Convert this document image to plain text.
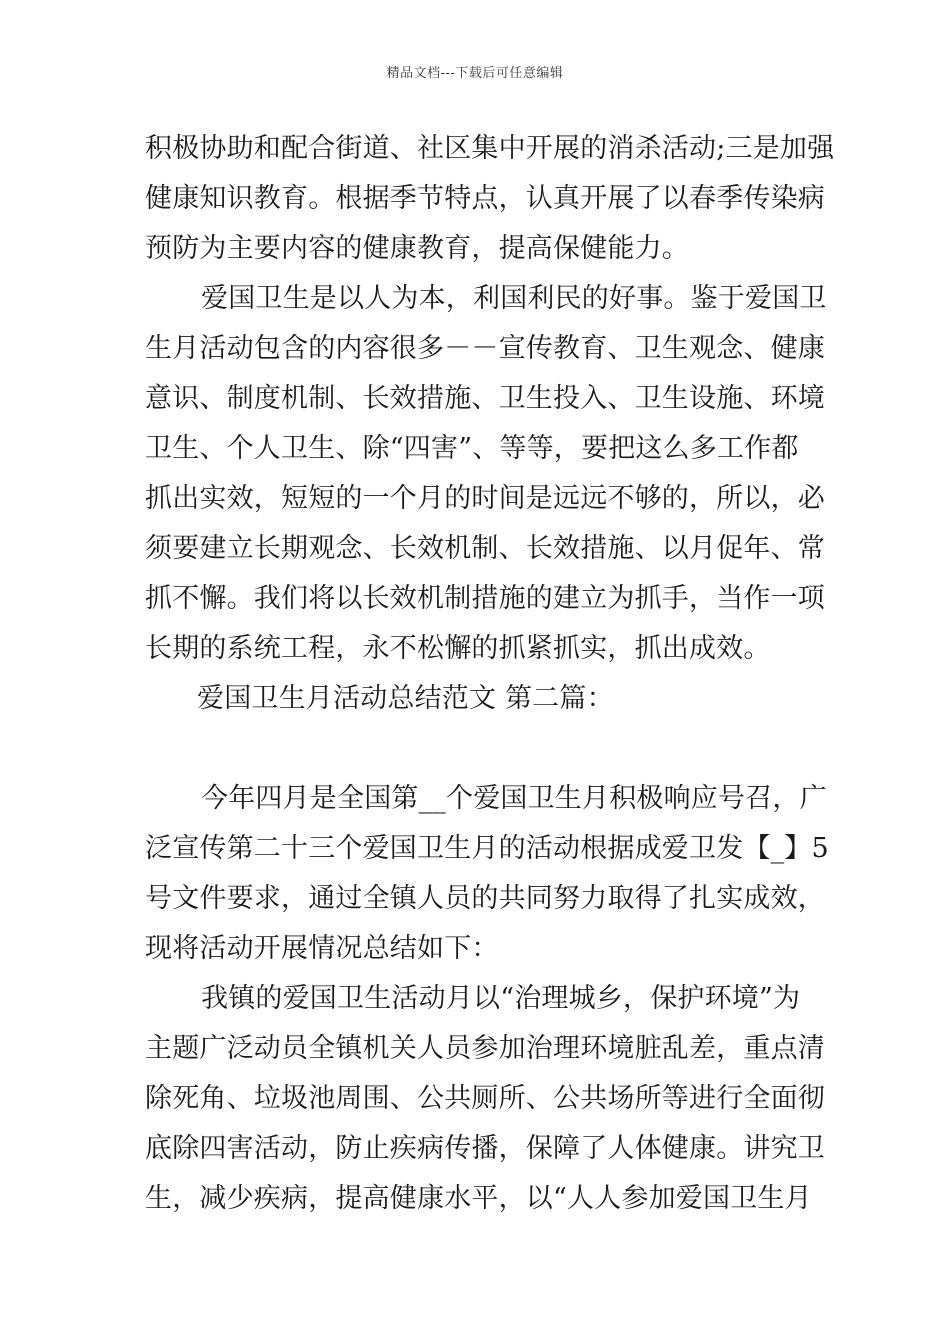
精品文档---下载后可任意编辑
积极协助和配合街道、社区集中开展的消杀活动;三是加强
健康知识教育。根据季节特点，认真开展了以春季传染病
预防为主要内容的健康教育，提高保健能力。
爱国卫生是以人为本，利国利民的好事。鉴于爱国卫
生月活动包含的内容很多－－宣传教育、卫生观念、健康
意识、制度机制、长效措施、卫生投入、卫生设施、环境
卫生、个人卫生、除“四害”、等等，要把这么多工作都
抓出实效，短短的一个月的时间是远远不够的，所以，必
须要建立长期观念、长效机制、长效措施、以月促年、常
抓不懈。我们将以长效机制措施的建立为抓手，当作一项
长期的系统工程，永不松懈的抓紧抓实，抓出成效。
爱国卫生月活动总结范文 第二篇：
今年四月是全国第__个爱国卫生月积极响应号召，广
泛宣传第二十三个爱国卫生月的活动根据成爱卫发【_】5
号文件要求，通过全镇人员的共同努力取得了扎实成效，
现将活动开展情况总结如下：
我镇的爱国卫生活动月以“治理城乡，保护环境”为
主题广泛动员全镇机关人员参加治理环境脏乱差，重点清
除死角、垃圾池周围、公共厕所、公共场所等进行全面彻
底除四害活动，防止疾病传播，保障了人体健康。讲究卫
生，减少疾病，提高健康水平，以“人人参加爱国卫生月
